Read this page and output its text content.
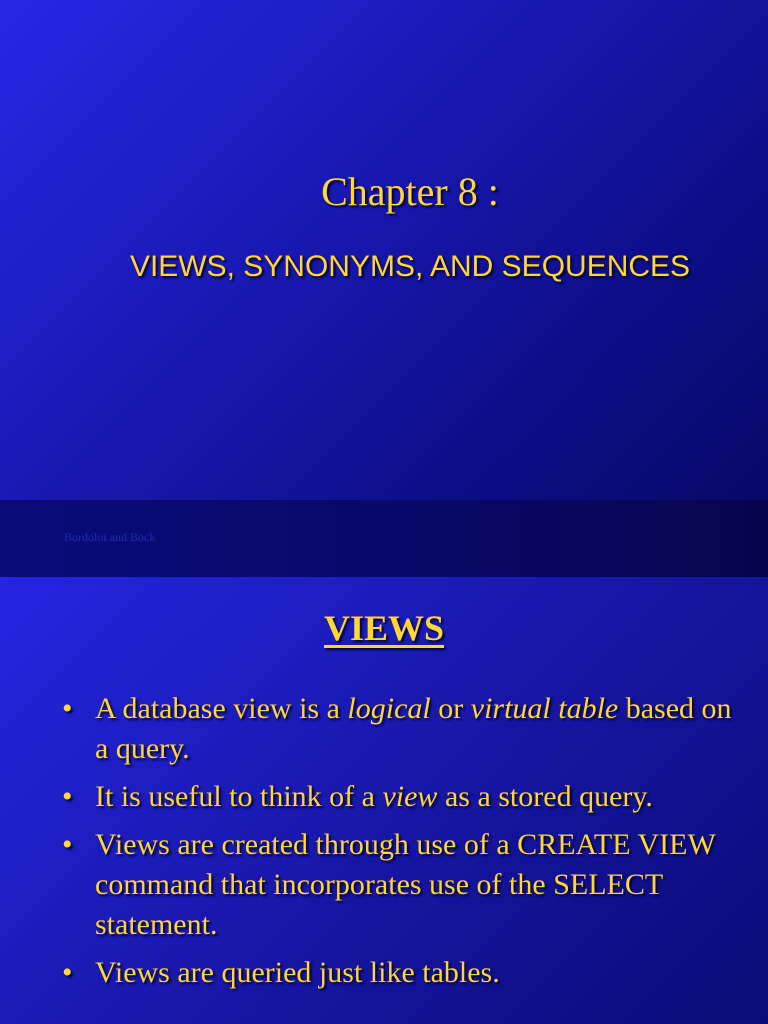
Chapter 8 :
VIEWS, SYNONYMS, AND SEQUENCES
Bordoloi and Bock
VIEWS
• A database view is a logical or virtual table based on a query.
• It is useful to think of a view as a stored query.
• Views are created through use of a CREATE VIEW command that incorporates use of the SELECT statement.
• Views are queried just like tables.
